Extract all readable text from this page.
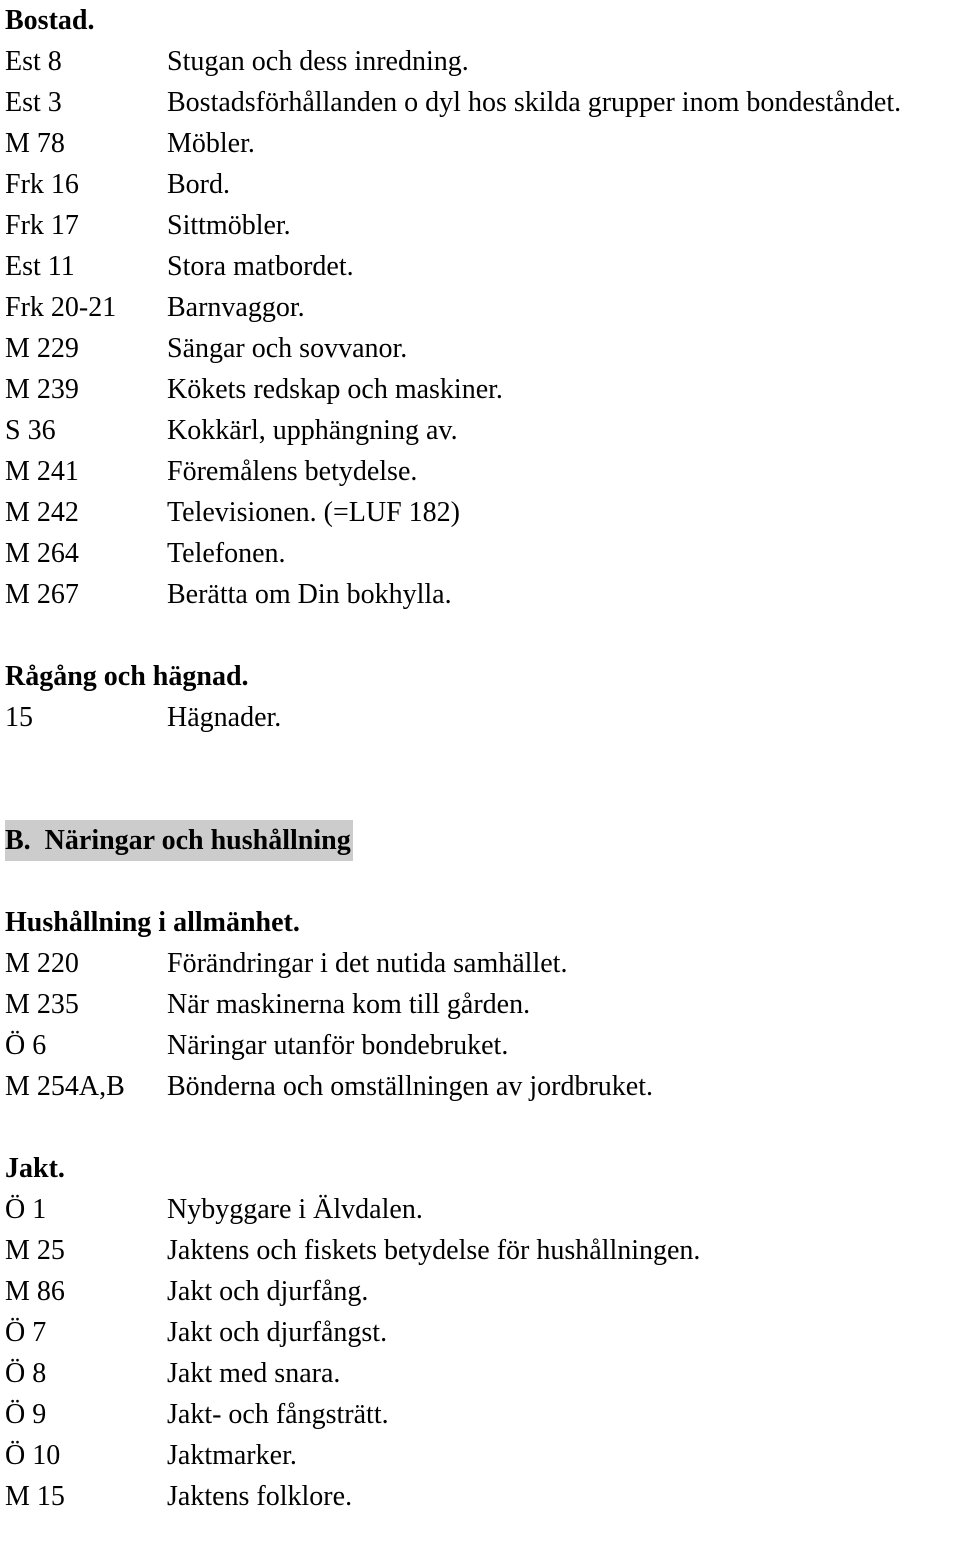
Bostad.
Est 8	Stugan och dess inredning.
Est 3	Bostadsförhållanden o dyl hos skilda grupper inom bondeståndet.
M 78	Möbler.
Frk 16	Bord.
Frk 17	Sittmöbler.
Est 11	Stora matbordet.
Frk 20-21	Barnvaggor.
M 229	Sängar och sovvanor.
M 239	Kökets redskap och maskiner.
S 36	Kokkärl, upphängning av.
M 241	Föremålens betydelse.
M 242	Televisionen. (=LUF 182)
M 264	Telefonen.
M 267	Berätta om Din bokhylla.
Rågång och hägnad.
15	Hägnader.
B.  Näringar och hushållning
Hushållning i allmänhet.
M 220	Förändringar i det nutida samhället.
M 235	När maskinerna kom till gården.
Ö 6	Näringar utanför bondebruket.
M 254A,B	Bönderna och omställningen av jordbruket.
Jakt.
Ö 1	Nybyggare i Älvdalen.
M 25	Jaktens och fiskets betydelse för hushållningen.
M 86	Jakt och djurfång.
Ö 7	Jakt och djurfångst.
Ö 8	Jakt med snara.
Ö 9	Jakt- och fångsträtt.
Ö 10	Jaktmarker.
M 15	Jaktens folklore.
